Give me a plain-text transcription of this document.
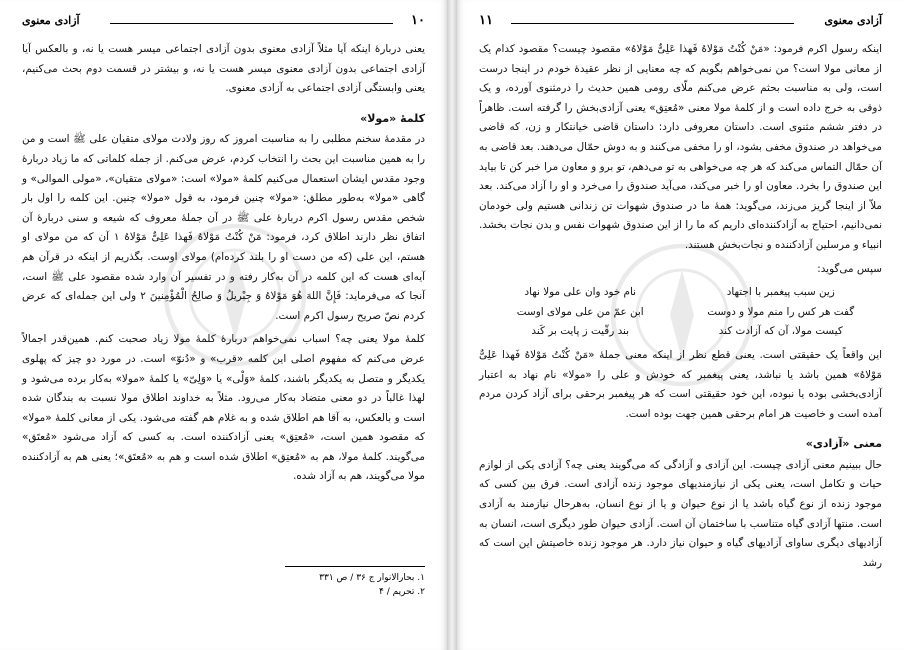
آزادی معنوی	۱۰

یعنی دربارهٔ اینکه آیا مثلاً آزادی معنوی بدون آزادی اجتماعی میسر هست یا نه، و بالعکس آیا آزادی اجتماعی بدون آزادی معنوی میسر هست یا نه، و بیشتر در قسمت دوم بحث می‌کنیم، یعنی وابستگی آزادی اجتماعی به آزادی معنوی.

کلمهٔ «مولا»

در مقدمهٔ سخنم مطلبی را به مناسبت امروز که روز ولادت مولای متقیان علی ﷺ است و من را به همین مناسبت این بحث را انتخاب کردم، عرض می‌کنم. از جمله کلماتی که ما زیاد دربارهٔ وجود مقدس ایشان استعمال می‌کنیم کلمهٔ «مولا» است: «مولای متقیان»، «مولی الموالی» و گاهی «مولا» به‌طور مطلق: «مولا» چنین فرمود، به قول «مولا» چنین. این کلمه را اول بار شخص مقدس رسول اکرم دربارهٔ علی ﷺ در آن جملهٔ معروف که شیعه و سنی دربارهٔ آن اتفاق نظر دارند اطلاق کرد، فرمود: مَنْ کُنْتُ مَوْلاهُ فَهذا عَلِیٌّ مَوْلاهُ ۱ آن که من مولای او هستم، این علی (که من دست او را بلند کرده‌ام) مولای اوست. بگذریم از اینکه در قرآن هم آیه‌ای هست که این کلمه در آن به‌کار رفته و در تفسیر آن وارد شده مقصود علی ﷺ است، آنجا که می‌فرماید: فَإِنَّ اللهَ هُوَ مَوْلاهُ وَ جِبْریلُ وَ صالِحُ الْمُؤْمِنینَ ۲ ولی این جمله‌ای که عرض کردم نصّ صریح رسول اکرم است.

کلمهٔ مولا یعنی چه؟ اسباب نمی‌خواهم دربارهٔ کلمهٔ مولا زیاد صحبت کنم. همین‌قدر اجمالاً عرض می‌کنم که مفهوم اصلی این کلمه «قرب» و «دُنوّ» است. در مورد دو چیز که پهلوی یکدیگر و متصل به یکدیگر باشند، کلمهٔ «وَلْی» یا «وَلِیّ» یا کلمهٔ «مولا» به‌کار برده می‌شود و لهذا غالباً در دو معنی متضاد به‌کار می‌رود. مثلاً به خداوند اطلاق مولا نسبت به بندگان شده است و بالعکس، به آقا هم اطلاق شده و به غلام هم گفته می‌شود. یکی از معانی کلمهٔ «مولا» که مقصود همین است، «مُعتِق» یعنی آزادکننده است. به کسی که آزاد می‌شود «مُعتَق» می‌گویند. کلمهٔ مولا، هم به «مُعتِق» اطلاق شده است و هم به «مُعتَق»؛ یعنی هم به آزادکننده مولا می‌گویند، هم به آزاد شده.

۱. بحارالانوار ج ۳۶ / ص ۳۳۱
۲. تحریم / ۴
آزادی معنوی
۱۱

اینکه رسول اکرم فرمود: «مَنْ کُنْتُ مَوْلاهُ فَهذا عَلِیٌّ مَوْلاهُ» مقصود چیست؟ مقصود کدام یک از معانی مولا است؟ من نمی‌خواهم بگویم که چه معنایی از نظر عقیدهٔ خودم در اینجا درست است، ولی به مناسبت بحثم عرض می‌کنم ملّای رومی همین حدیث را درمثنوی آورده، و یک ذوقی به خرج داده است و از کلمهٔ مولا معنی «مُعتِق» یعنی آزادی‌بخش را گرفته است. ظاهراً در دفتر ششم مثنوی است. داستان معروفی دارد: داستان قاضی خیانتکار و زن، که قاضی می‌خواهد در صندوق مخفی بشود، او را مخفی می‌کنند و به دوش حمّال می‌دهند. بعد قاضی به آن حمّال التماس می‌کند که هر چه می‌خواهی به تو می‌دهم، تو برو و معاون مرا خبر کن تا بیاید این صندوق را بخرد. معاون او را خبر می‌کند، می‌آید صندوق را می‌خرد و او را آزاد می‌کند. بعد ملاّ از اینجا گریز می‌زند، می‌گوید: همهٔ ما در صندوق شهوات تن زندانی هستیم ولی خودمان نمی‌دانیم، احتیاج به آزادکننده‌ای داریم که ما را از این صندوق شهوات نفس و بدن نجات بخشد. انبیاء و مرسلین آزادکننده و نجات‌بخش هستند.

سپس می‌گوید:

زین سبب پیغمبر با اجتهاد
نام خود وان علی مولا نهاد
گفت هر کس را منم مولا و دوست
ابن عمّ من علی مولای اوست
کیست مولا، آن که آزادت کند
بند رقّیت ز پایت بر کَند

این واقعاً یک حقیقتی است. یعنی قطع نظر از اینکه معنی جملهٔ «مَنْ کُنْتُ مَوْلاهُ فَهذا عَلِیٌّ مَوْلاهُ» همین باشد یا نباشد، یعنی پیغمبر که خودش و علی را «مولا» نام نهاد به اعتبار آزادی‌بخشی بوده یا نبوده، این خود حقیقتی است که هر پیغمبر برحقی برای آزاد کردن مردم آمده است و خاصیت هر امام برحقی همین جهت بوده است.

معنی «آزادی»

حال ببینیم معنی آزادی چیست. این آزادی و آزادگی که می‌گویند یعنی چه؟ آزادی یکی از لوازم حیات و تکامل است، یعنی یکی از نیازمندیهای موجود زنده آزادی است. فرق بین کسی که موجود زنده از نوع گیاه باشد یا از نوع حیوان و یا از نوع انسان، به‌هرحال نیازمند به آزادی است. منتها آزادی گیاه متناسب با ساختمان آن است. آزادی حیوان طور دیگری است، انسان به آزادیهای دیگری ساوای آزادیهای گیاه و حیوان نیاز دارد. هر موجود زنده خاصیتش این است که رشد
